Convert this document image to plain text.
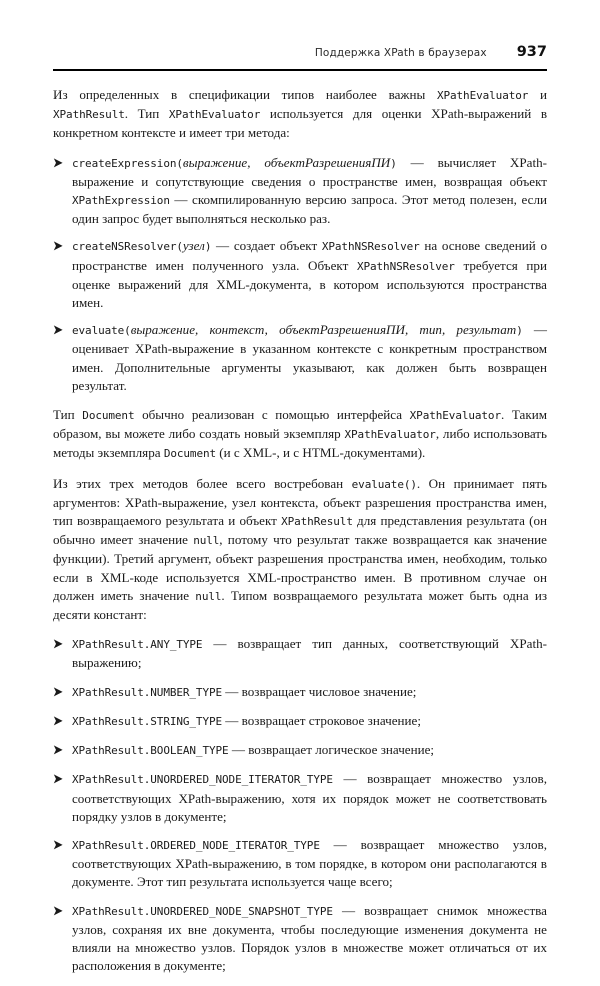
Поддержка XPath в браузерах 937

Из определенных в спецификации типов наиболее важны XPathEvaluator и XPathResult. Тип XPathEvaluator используется для оценки XPath-выражений в конкретном контексте и имеет три метода:

createExpression(выражение, объектРазрешенияПИ) — вычисляет XPath-выражение и сопутствующие сведения о пространстве имен, возвращая объект XPathExpression — скомпилированную версию запроса. Этот метод полезен, если один запрос будет выполняться несколько раз.
createNSResolver(узел) — создает объект XPathNSResolver на основе сведений о пространстве имен полученного узла. Объект XPathNSResolver требуется при оценке выражений для XML-документа, в котором используются пространства имен.
evaluate(выражение, контекст, объектРазрешенияПИ, тип, результат) — оценивает XPath-выражение в указанном контексте с конкретным пространством имен. Дополнительные аргументы указывают, как должен быть возвращен результат.

Тип Document обычно реализован с помощью интерфейса XPathEvaluator. Таким образом, вы можете либо создать новый экземпляр XPathEvaluator, либо использовать методы экземпляра Document (и с XML-, и с HTML-документами).

Из этих трех методов более всего востребован evaluate(). Он принимает пять аргументов: XPath-выражение, узел контекста, объект разрешения пространства имен, тип возвращаемого результата и объект XPathResult для представления результата (он обычно имеет значение null, потому что результат также возвращается как значение функции). Третий аргумент, объект разрешения пространства имен, необходим, только если в XML-коде используется XML-пространство имен. В противном случае он должен иметь значение null. Типом возвращаемого результата может быть одна из десяти констант:

XPathResult.ANY_TYPE — возвращает тип данных, соответствующий XPath-выражению;
XPathResult.NUMBER_TYPE — возвращает числовое значение;
XPathResult.STRING_TYPE — возвращает строковое значение;
XPathResult.BOOLEAN_TYPE — возвращает логическое значение;
XPathResult.UNORDERED_NODE_ITERATOR_TYPE — возвращает множество узлов, соответствующих XPath-выражению, хотя их порядок может не соответствовать порядку узлов в документе;
XPathResult.ORDERED_NODE_ITERATOR_TYPE — возвращает множество узлов, соответствующих XPath-выражению, в том порядке, в котором они располагаются в документе. Этот тип результата используется чаще всего;
XPathResult.UNORDERED_NODE_SNAPSHOT_TYPE — возвращает снимок множества узлов, сохраняя их вне документа, чтобы последующие изменения документа не влияли на множество узлов. Порядок узлов в множестве может отличаться от их расположения в документе;
